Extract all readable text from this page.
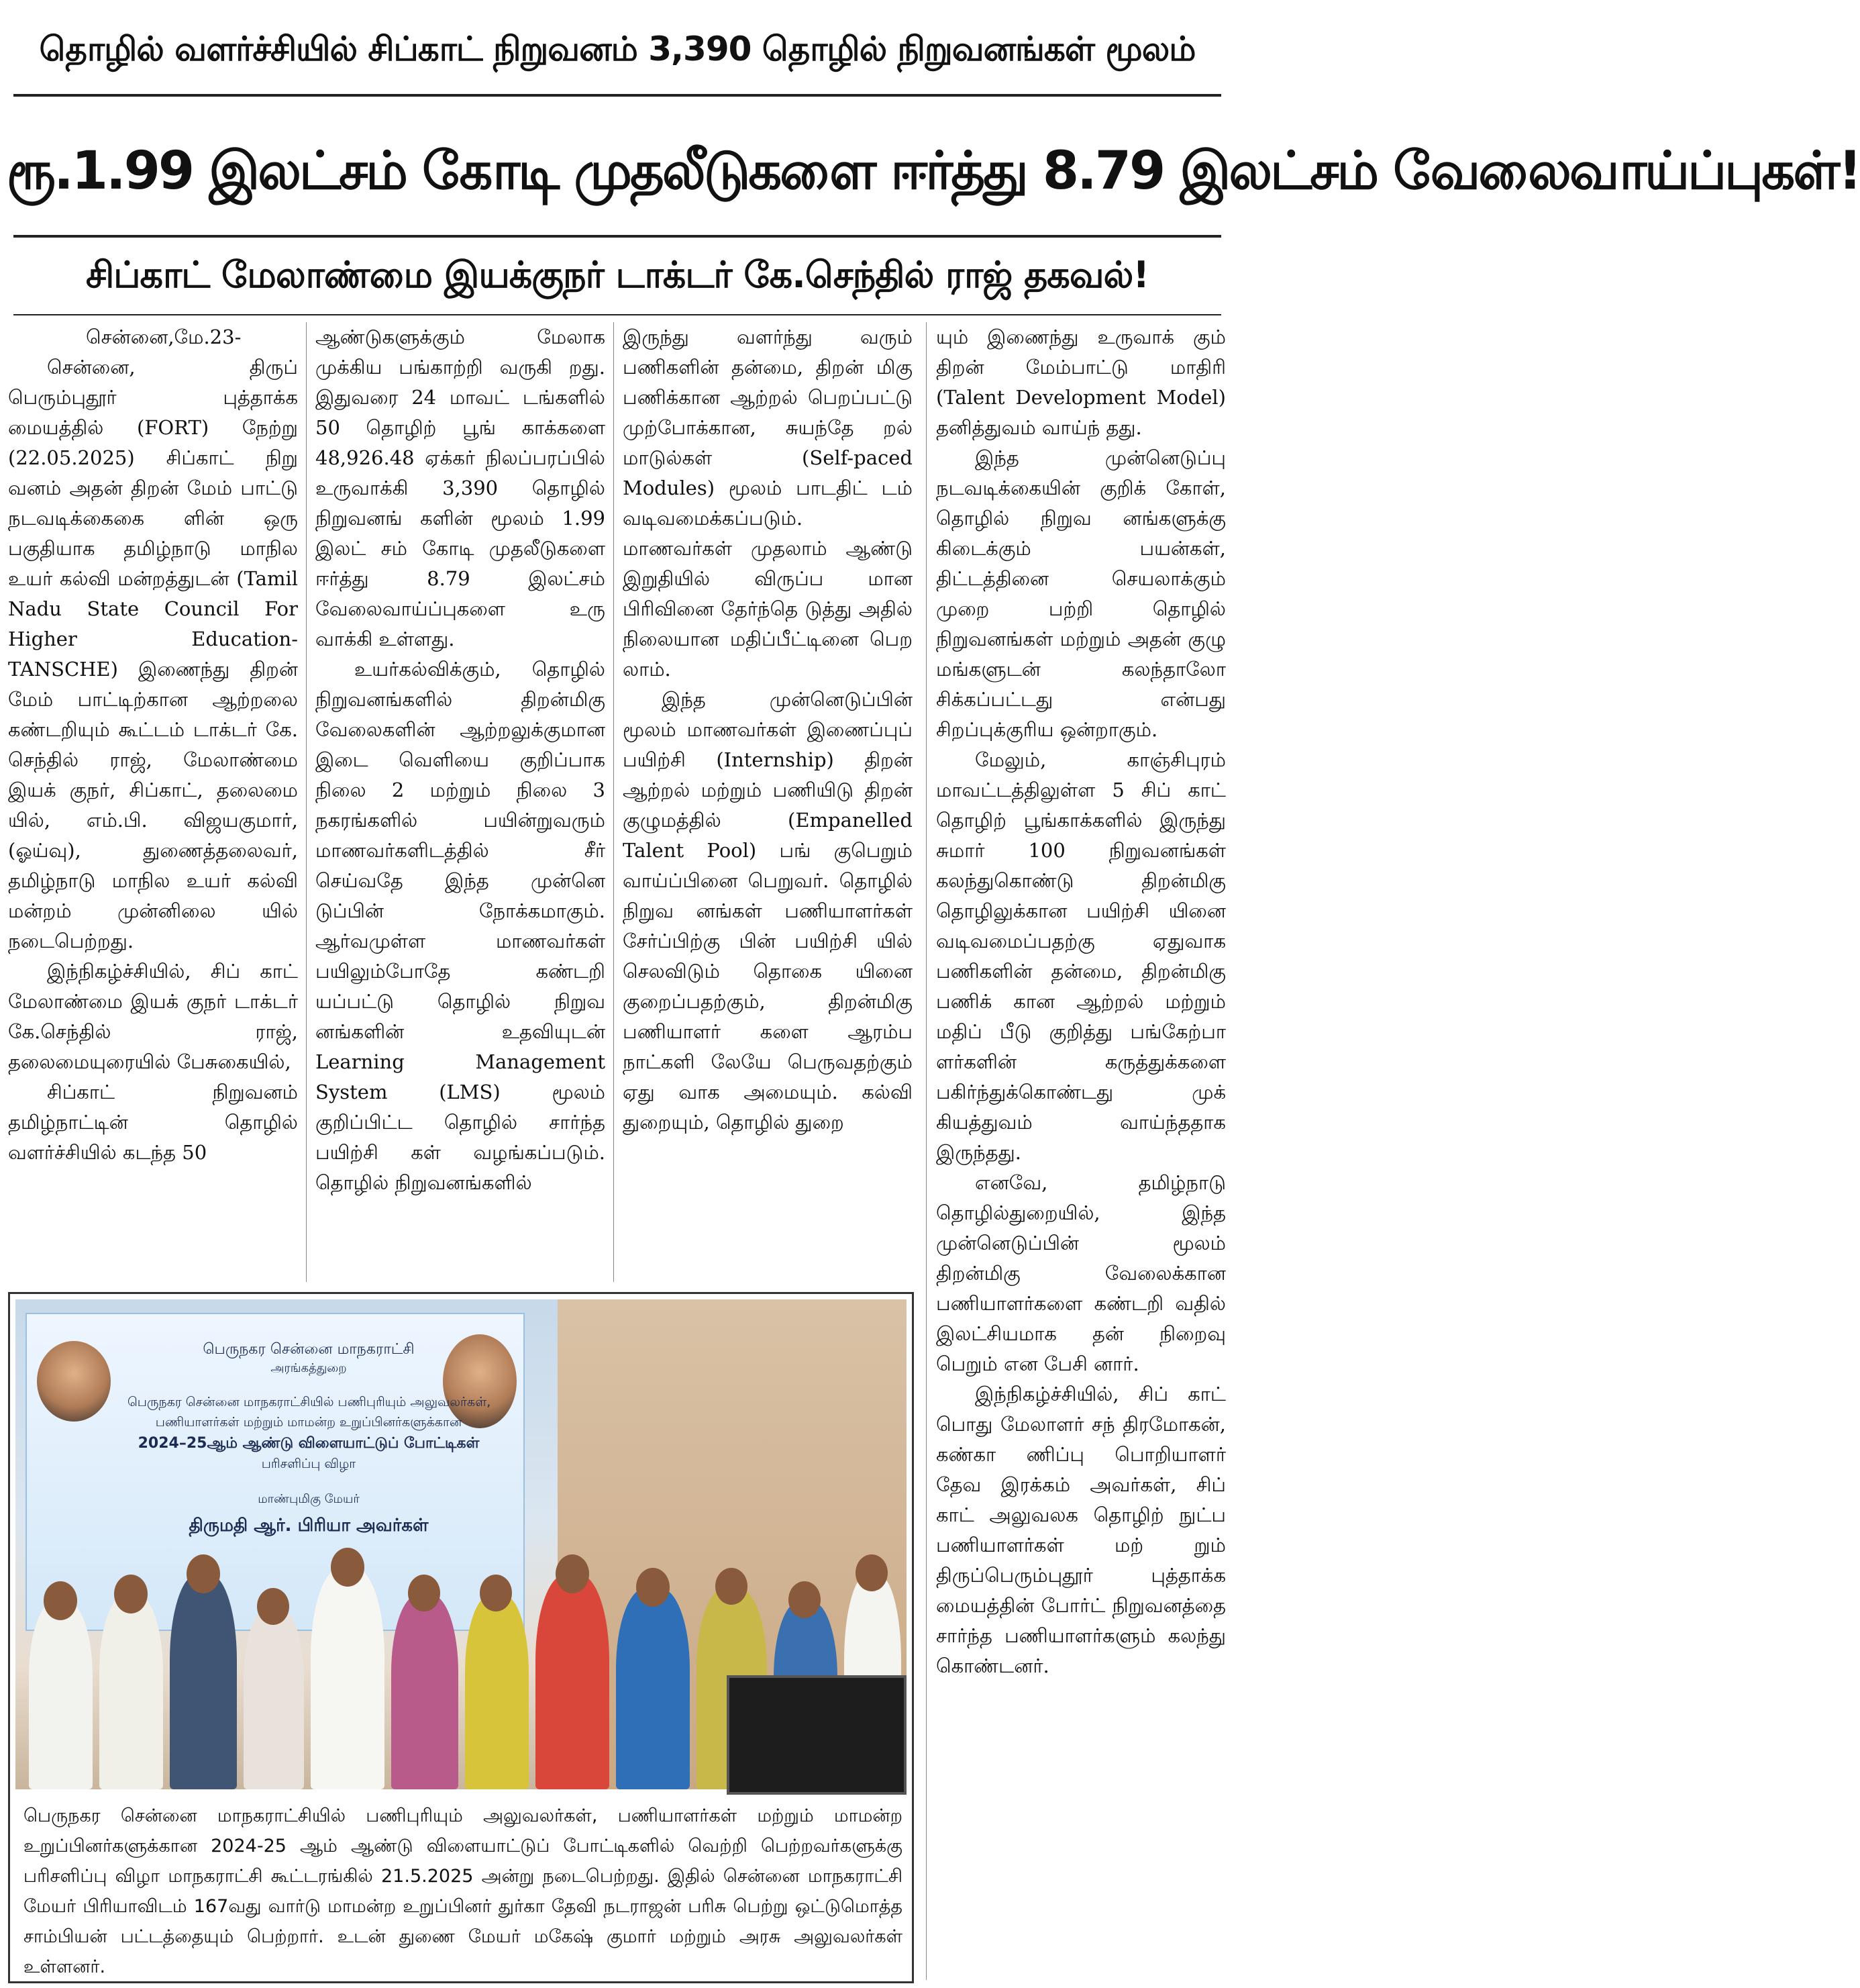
தொழில் வளர்ச்சியில் சிப்காட் நிறுவனம் 3,390 தொழில் நிறுவனங்கள் மூலம்
ரூ.1.99 இலட்சம் கோடி முதலீடுகளை ஈர்த்து 8.79 இலட்சம் வேலைவாய்ப்புகள்!
சிப்காட் மேலாண்மை இயக்குநர் டாக்டர் கே.செந்தில் ராஜ் தகவல்!

சென்னை,மே.23-

சென்னை, திருப் பெரும்புதூர் புத்தாக்க மையத்தில் (FORT) நேற்று (22.05.2025) சிப்காட் நிறு வனம் அதன் திறன் மேம் பாட்டு நடவடிக்கைகை ளின் ஒரு பகுதியாக தமிழ்நாடு மாநில உயர் கல்வி மன்றத்துடன் (Tamil Nadu State Council For Higher Education-TANSCHE) இணைந்து திறன் மேம் பாட்டிற்கான ஆற்றலை கண்டறியும் கூட்டம் டாக்டர் கே. செந்தில் ராஜ், மேலாண்மை இயக் குநர், சிப்காட், தலைமை யில், எம்.பி. விஜயகுமார், (ஓய்வு), துணைத்தலைவர், தமிழ்நாடு மாநில உயர் கல்வி மன்றம் முன்னிலை யில் நடைபெற்றது.

இந்நிகழ்ச்சியில், சிப் காட் மேலாண்மை இயக் குநர் டாக்டர் கே.செந்தில் ராஜ், தலைமையுரையில் பேசுகையில்,

சிப்காட் நிறுவனம் தமிழ்நாட்டின் தொழில் வளர்ச்சியில் கடந்த 50

ஆண்டுகளுக்கும் மேலாக முக்கிய பங்காற்றி வருகி றது. இதுவரை 24 மாவட் டங்களில் 50 தொழிற் பூங் காக்களை 48,926.48 ஏக்கர் நிலப்பரப்பில் உருவாக்கி 3,390 தொழில் நிறுவனங் களின் மூலம் 1.99 இலட் சம் கோடி முதலீடுகளை ஈர்த்து 8.79 இலட்சம் வேலைவாய்ப்புகளை உரு வாக்கி உள்ளது.

உயர்கல்விக்கும், தொழில் நிறுவனங்களில் திறன்மிகு வேலைகளின் ஆற்றலுக்குமான இடை வெளியை குறிப்பாக நிலை 2 மற்றும் நிலை 3 நகரங்களில் பயின்றுவரும் மாணவர்களிடத்தில் சீர் செய்வதே இந்த முன்னெ டுப்பின் நோக்கமாகும். ஆர்வமுள்ள மாணவர்கள் பயிலும்போதே கண்டறி யப்பட்டு தொழில் நிறுவ னங்களின் உதவியுடன் Learning Management System (LMS) மூலம் குறிப்பிட்ட தொழில் சார்ந்த பயிற்சி கள் வழங்கப்படும். தொழில் நிறுவனங்களில்

இருந்து வளர்ந்து வரும் பணிகளின் தன்மை, திறன் மிகு பணிக்கான ஆற்றல் பெறப்பட்டு முற்போக்கான, சுயந்தே றல் மாடுல்கள் (Self-paced Modules) மூலம் பாடதிட் டம் வடிவமைக்கப்படும். மாணவர்கள் முதலாம் ஆண்டு இறுதியில் விருப்ப மான பிரிவினை தேர்ந்தெ டுத்து அதில் நிலையான மதிப்பீட்டினை பெற லாம்.

இந்த முன்னெடுப்பின் மூலம் மாணவர்கள் இணைப்புப் பயிற்சி (Internship) திறன் ஆற்றல் மற்றும் பணியிடு திறன் குழுமத்தில் (Empanelled Talent Pool) பங் குபெறும் வாய்ப்பினை பெறுவர். தொழில் நிறுவ னங்கள் பணியாளர்கள் சேர்ப்பிற்கு பின் பயிற்சி யில் செலவிடும் தொகை யினை குறைப்பதற்கும், திறன்மிகு பணியாளர் களை ஆரம்ப நாட்களி லேயே பெருவதற்கும் ஏது வாக அமையும். கல்வி துறையும், தொழில் துறை

யும் இணைந்து உருவாக் கும் திறன் மேம்பாட்டு மாதிரி (Talent Development Model) தனித்துவம் வாய்ந் தது.

இந்த முன்னெடுப்பு நடவடிக்கையின் குறிக் கோள், தொழில் நிறுவ னங்களுக்கு கிடைக்கும் பயன்கள், திட்டத்தினை செயலாக்கும் முறை பற்றி தொழில் நிறுவனங்கள் மற்றும் அதன் குழு மங்களுடன் கலந்தாலோ சிக்கப்பட்டது என்பது சிறப்புக்குரிய ஒன்றாகும்.

மேலும், காஞ்சிபுரம் மாவட்டத்திலுள்ள 5 சிப் காட் தொழிற் பூங்காக்களில் இருந்து சுமார் 100 நிறுவனங்கள் கலந்துகொண்டு திறன்மிகு தொழிலுக்கான பயிற்சி யினை வடிவமைப்பதற்கு ஏதுவாக பணிகளின் தன்மை, திறன்மிகு பணிக் கான ஆற்றல் மற்றும் மதிப் பீடு குறித்து பங்கேற்பா ளர்களின் கருத்துக்களை பகிர்ந்துக்கொண்டது முக் கியத்துவம் வாய்ந்ததாக இருந்தது.

எனவே, தமிழ்நாடு தொழில்துறையில், இந்த முன்னெடுப்பின் மூலம் திறன்மிகு வேலைக்கான பணியாளர்களை கண்டறி வதில் இலட்சியமாக தன் நிறைவு பெறும் என பேசி னார்.

இந்நிகழ்ச்சியில், சிப் காட் பொது மேலாளர் சந் திரமோகன், கண்கா ணிப்பு பொறியாளர் தேவ இரக்கம் அவர்கள், சிப் காட் அலுவலக தொழிற் நுட்ப பணியாளர்கள் மற் றும் திருப்பெரும்புதூர் புத்தாக்க மையத்தின் போர்ட் நிறுவனத்தை சார்ந்த பணியாளர்களும் கலந்து கொண்டனர்.

பெருநகர சென்னை மாநகராட்சி
அரங்கத்துறை
பெருநகர சென்னை மாநகராட்சியில் பணிபுரியும் அலுவலர்கள்,
பணியாளர்கள் மற்றும் மாமன்ற உறுப்பினர்களுக்கான
2024–25ஆம் ஆண்டு விளையாட்டுப் போட்டிகள்
பரிசளிப்பு விழா
மாண்புமிகு மேயர்
திருமதி ஆர். பிரியா அவர்கள்
பெருநகர சென்னை மாநகராட்சியில் பணிபுரியும் அலுவலர்கள், பணியாளர்கள் மற்றும் மாமன்ற உறுப்பினர்களுக்கான 2024-25 ஆம் ஆண்டு விளையாட்டுப் போட்டிகளில் வெற்றி பெற்றவர்களுக்கு பரிசளிப்பு விழா மாநகராட்சி கூட்டரங்கில் 21.5.2025 அன்று நடைபெற்றது. இதில் சென்னை மாநகராட்சி மேயர் பிரியாவிடம் 167வது வார்டு மாமன்ற உறுப்பினர் துர்கா தேவி நடராஜன் பரிசு பெற்று ஒட்டுமொத்த சாம்பியன் பட்டத்தையும் பெற்றார். உடன் துணை மேயர் மகேஷ் குமார் மற்றும் அரசு அலுவலர்கள் உள்ளனர்.
